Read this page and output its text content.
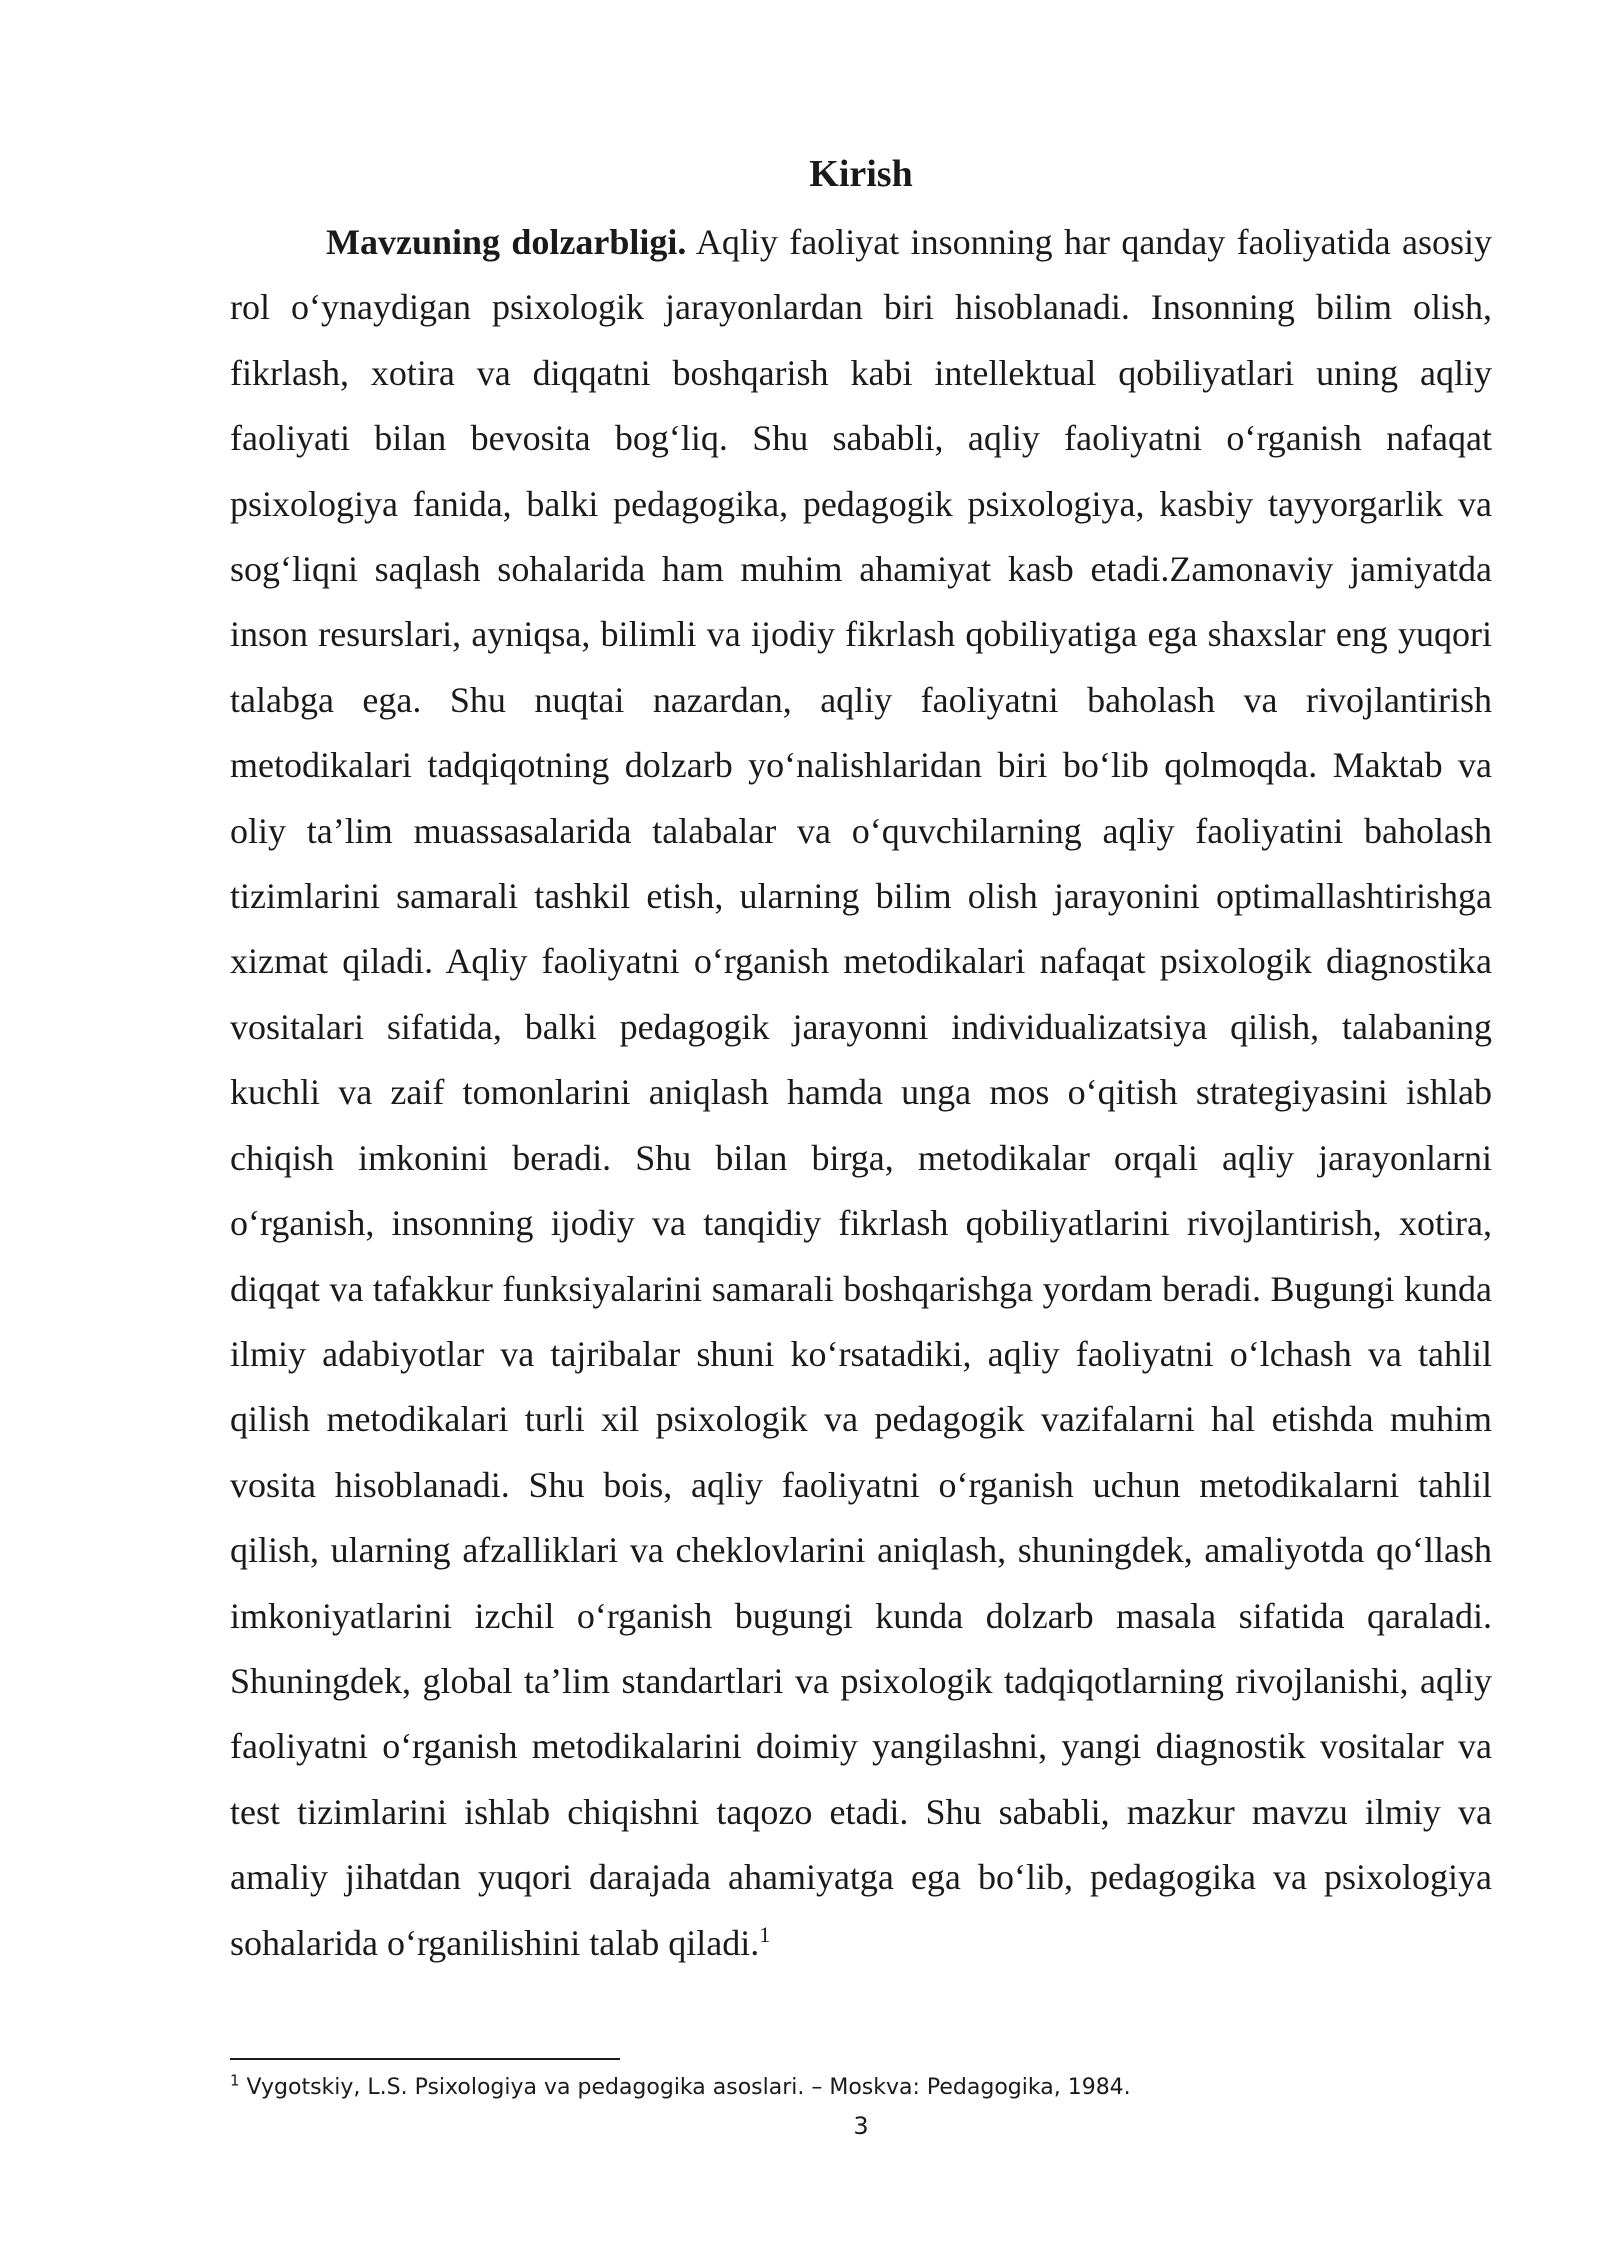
Kirish

Mavzuning dolzarbligi. Aqliy faoliyat insonning har qanday faoliyatida asosiy rol o‘ynaydigan psixologik jarayonlardan biri hisoblanadi. Insonning bilim olish, fikrlash, xotira va diqqatni boshqarish kabi intellektual qobiliyatlari uning aqliy faoliyati bilan bevosita bog‘liq. Shu sababli, aqliy faoliyatni o‘rganish nafaqat psixologiya fanida, balki pedagogika, pedagogik psixologiya, kasbiy tayyorgarlik va sog‘liqni saqlash sohalarida ham muhim ahamiyat kasb etadi.Zamonaviy jamiyatda inson resurslari, ayniqsa, bilimli va ijodiy fikrlash qobiliyatiga ega shaxslar eng yuqori talabga ega. Shu nuqtai nazardan, aqliy faoliyatni baholash va rivojlantirish metodikalari tadqiqotning dolzarb yo‘nalishlaridan biri bo‘lib qolmoqda. Maktab va oliy ta’lim muassasalarida talabalar va o‘quvchilarning aqliy faoliyatini baholash tizimlarini samarali tashkil etish, ularning bilim olish jarayonini optimallashtirishga xizmat qiladi. Aqliy faoliyatni o‘rganish metodikalari nafaqat psixologik diagnostika vositalari sifatida, balki pedagogik jarayonni individualizatsiya qilish, talabaning kuchli va zaif tomonlarini aniqlash hamda unga mos o‘qitish strategiyasini ishlab chiqish imkonini beradi. Shu bilan birga, metodikalar orqali aqliy jarayonlarni o‘rganish, insonning ijodiy va tanqidiy fikrlash qobiliyatlarini rivojlantirish, xotira, diqqat va tafakkur funksiyalarini samarali boshqarishga yordam beradi. Bugungi kunda ilmiy adabiyotlar va tajribalar shuni ko‘rsatadiki, aqliy faoliyatni o‘lchash va tahlil qilish metodikalari turli xil psixologik va pedagogik vazifalarni hal etishda muhim vosita hisoblanadi. Shu bois, aqliy faoliyatni o‘rganish uchun metodikalarni tahlil qilish, ularning afzalliklari va cheklovlarini aniqlash, shuningdek, amaliyotda qo‘llash imkoniyatlarini izchil o‘rganish bugungi kunda dolzarb masala sifatida qaraladi. Shuningdek, global ta’lim standartlari va psixologik tadqiqotlarning rivojlanishi, aqliy faoliyatni o‘rganish metodikalarini doimiy yangilashni, yangi diagnostik vositalar va test tizimlarini ishlab chiqishni taqozo etadi. Shu sababli, mazkur mavzu ilmiy va amaliy jihatdan yuqori darajada ahamiyatga ega bo‘lib, pedagogika va psixologiya sohalarida o‘rganilishini talab qiladi.$^1$

$^1$ Vygotskiy, L.S. Psixologiya va pedagogika asoslari. – Moskva: Pedagogika, 1984.
3
